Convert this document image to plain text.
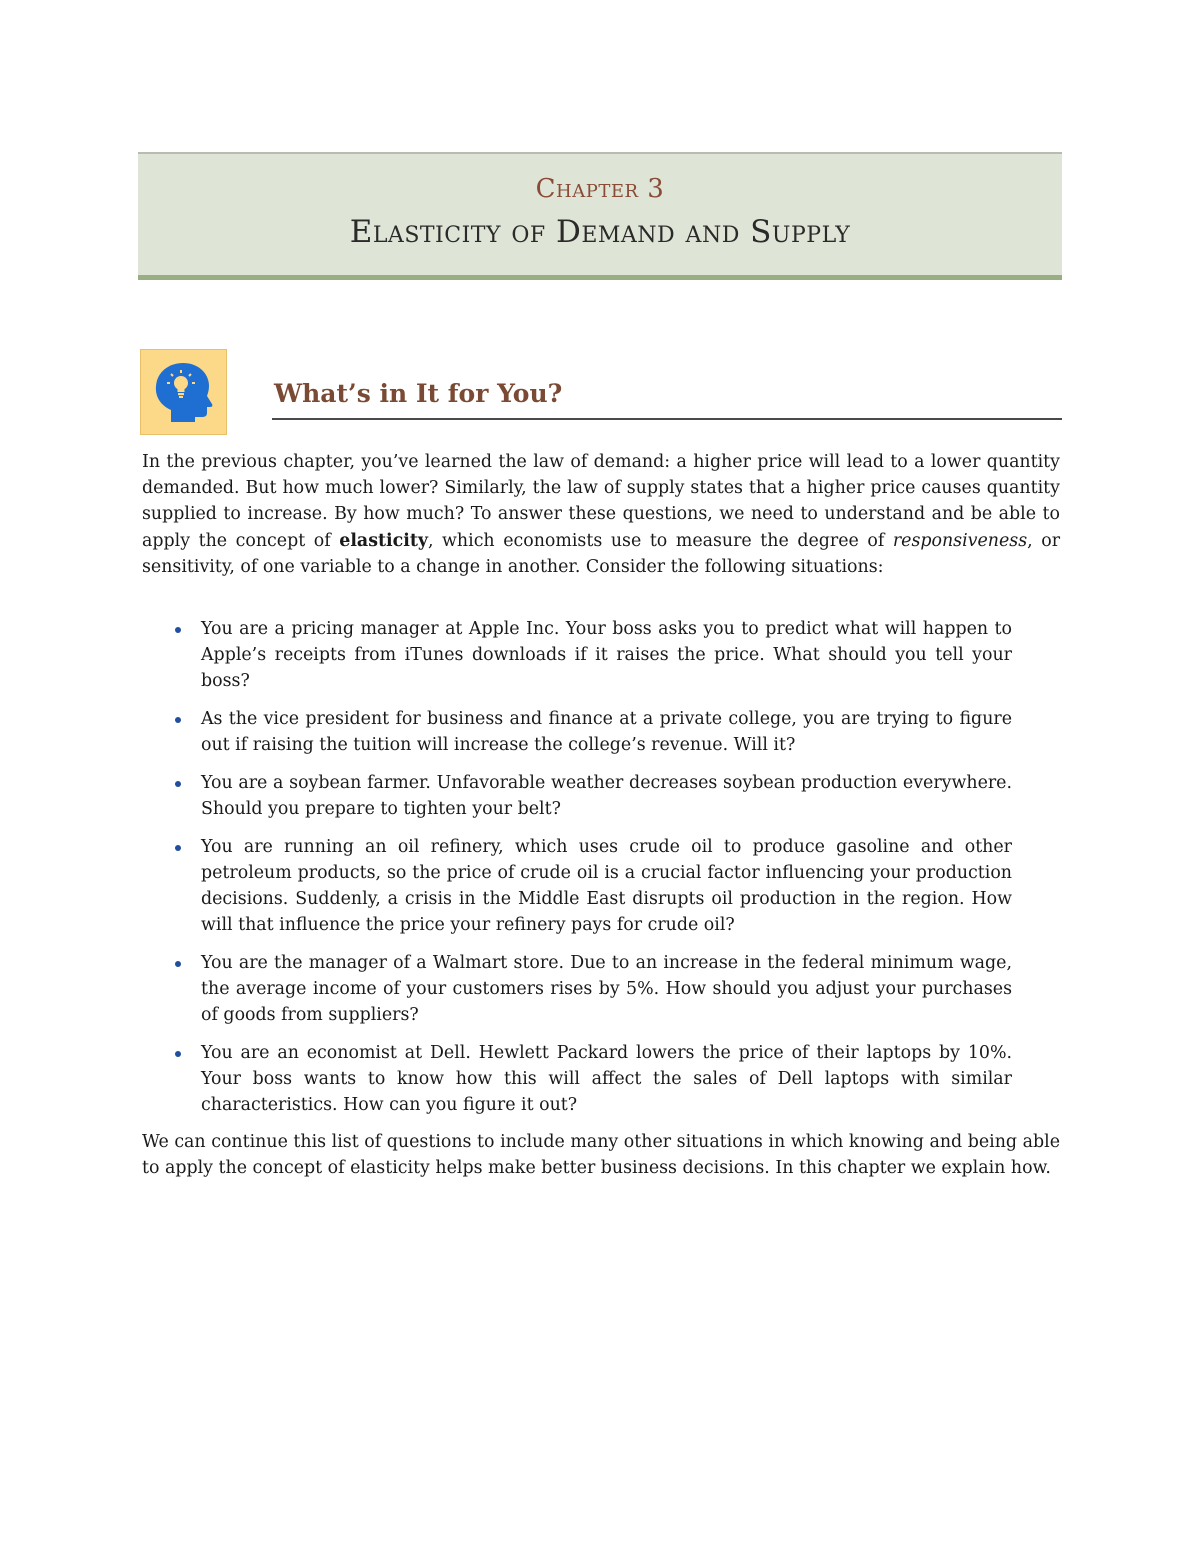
Chapter 3
Elasticity of Demand and Supply
What’s in It for You?

In the previous chapter, you’ve learned the law of demand: a higher price will lead to a lower quantity demanded. But how much lower? Similarly, the law of supply states that a higher price causes quantity supplied to increase. By how much? To answer these questions, we need to understand and be able to apply the concept of elasticity, which economists use to measure the degree of responsiveness, or sensitivity, of one variable to a change in another. Consider the following situations:

You are a pricing manager at Apple Inc. Your boss asks you to predict what will happen to Apple’s receipts from iTunes downloads if it raises the price. What should you tell your boss?
As the vice president for business and finance at a private college, you are trying to figure out if raising the tuition will increase the college’s revenue. Will it?
You are a soybean farmer. Unfavorable weather decreases soybean production everywhere. Should you prepare to tighten your belt?
You are running an oil refinery, which uses crude oil to produce gasoline and other petroleum products, so the price of crude oil is a crucial factor influencing your production decisions. Suddenly, a crisis in the Middle East disrupts oil production in the region. How will that influence the price your refinery pays for crude oil?
You are the manager of a Walmart store. Due to an increase in the federal minimum wage, the average income of your customers rises by 5%. How should you adjust your purchases of goods from suppliers?
You are an economist at Dell. Hewlett Packard lowers the price of their laptops by 10%. Your boss wants to know how this will affect the sales of Dell laptops with similar characteristics. How can you figure it out?

We can continue this list of questions to include many other situations in which knowing and being able to apply the concept of elasticity helps make better business decisions. In this chapter we explain how.
